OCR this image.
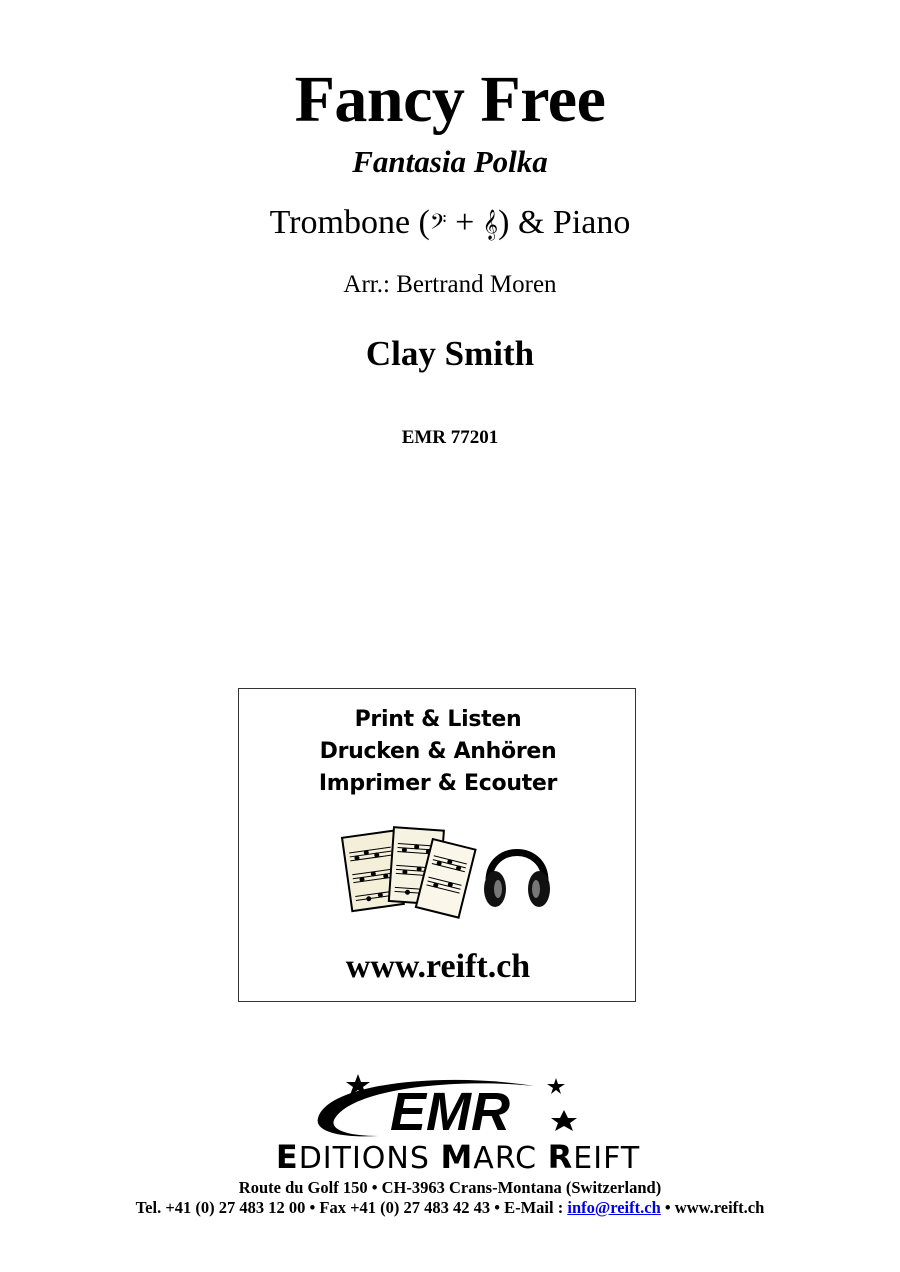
Fancy Free
Fantasia Polka
Trombone (𝄢 + 𝄞) & Piano
Arr.: Bertrand Moren
Clay Smith
EMR 77201
Print & Listen
Drucken & Anhören
Imprimer & Ecouter
www.reift.ch
EMR
EDITIONS MARC REIFT
Route du Golf 150 • CH-3963 Crans-Montana (Switzerland)
Tel. +41 (0) 27 483 12 00 • Fax +41 (0) 27 483 42 43 • E-Mail : info@reift.ch • www.reift.ch
